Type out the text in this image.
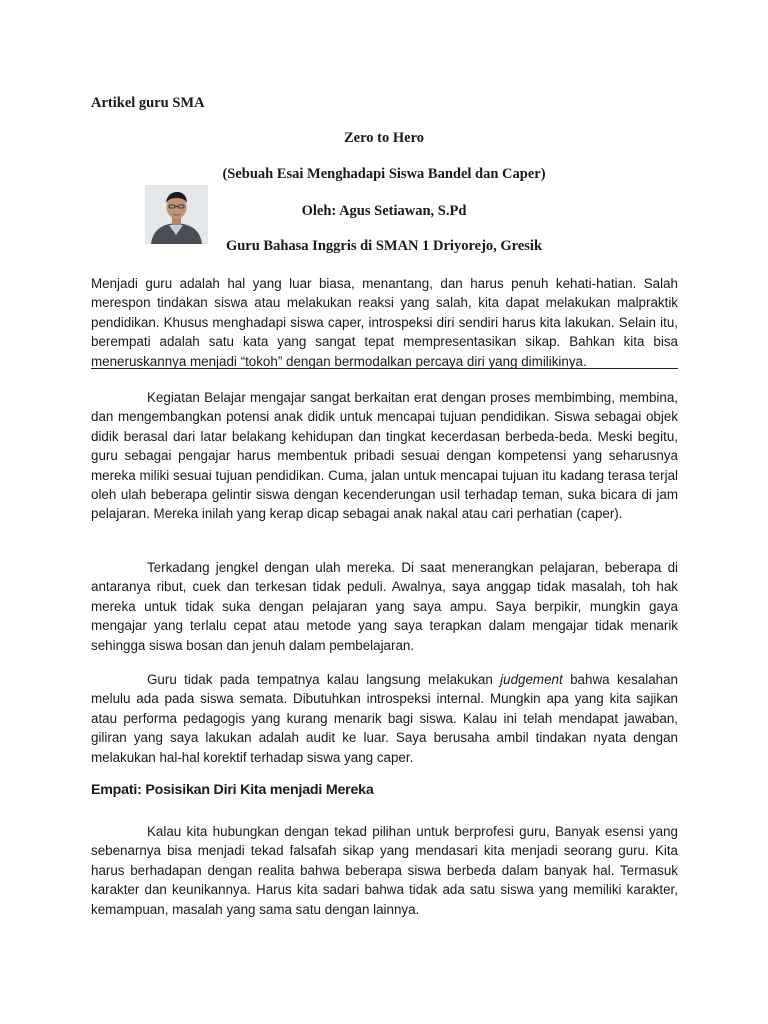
Artikel guru SMA
Zero to Hero
(Sebuah Esai Menghadapi Siswa Bandel dan Caper)
Oleh: Agus Setiawan, S.Pd
Guru Bahasa Inggris di SMAN 1 Driyorejo, Gresik

Menjadi guru adalah hal yang luar biasa, menantang, dan harus penuh kehati-hatian. Salah merespon tindakan siswa atau melakukan reaksi yang salah, kita dapat melakukan malpraktik pendidikan. Khusus menghadapi siswa caper, introspeksi diri sendiri harus kita lakukan. Selain itu, berempati adalah satu kata yang sangat tepat mempresentasikan sikap. Bahkan kita bisa meneruskannya menjadi “tokoh” dengan bermodalkan percaya diri yang dimilikinya.

Kegiatan Belajar mengajar sangat berkaitan erat dengan proses membimbing, membina, dan mengembangkan potensi anak didik untuk mencapai tujuan pendidikan. Siswa sebagai objek didik berasal dari latar belakang kehidupan dan tingkat kecerdasan berbeda-beda. Meski begitu, guru sebagai pengajar harus membentuk pribadi sesuai dengan kompetensi yang seharusnya mereka miliki sesuai tujuan pendidikan. Cuma, jalan untuk mencapai tujuan itu kadang terasa terjal oleh ulah beberapa gelintir siswa dengan kecenderungan usil terhadap teman, suka bicara di jam pelajaran. Mereka inilah yang kerap dicap sebagai anak nakal atau cari perhatian (caper).

Terkadang jengkel dengan ulah mereka. Di saat menerangkan pelajaran, beberapa di antaranya ribut, cuek dan terkesan tidak peduli. Awalnya, saya anggap tidak masalah, toh hak mereka untuk tidak suka dengan pelajaran yang saya ampu. Saya berpikir, mungkin gaya mengajar yang terlalu cepat atau metode yang saya terapkan dalam mengajar tidak menarik sehingga siswa bosan dan jenuh dalam pembelajaran.

Guru tidak pada tempatnya kalau langsung melakukan judgement bahwa kesalahan melulu ada pada siswa semata. Dibutuhkan introspeksi internal. Mungkin apa yang kita sajikan atau performa pedagogis yang kurang menarik bagi siswa. Kalau ini telah mendapat jawaban, giliran yang saya lakukan adalah audit ke luar. Saya berusaha ambil tindakan nyata dengan melakukan hal-hal korektif terhadap siswa yang caper.

Empati: Posisikan Diri Kita menjadi Mereka

Kalau kita hubungkan dengan tekad pilihan untuk berprofesi guru, Banyak esensi yang sebenarnya bisa menjadi tekad falsafah sikap yang mendasari kita menjadi seorang guru. Kita harus berhadapan dengan realita bahwa beberapa siswa berbeda dalam banyak hal. Termasuk karakter dan keunikannya. Harus kita sadari bahwa tidak ada satu siswa yang memiliki karakter, kemampuan, masalah yang sama satu dengan lainnya.
